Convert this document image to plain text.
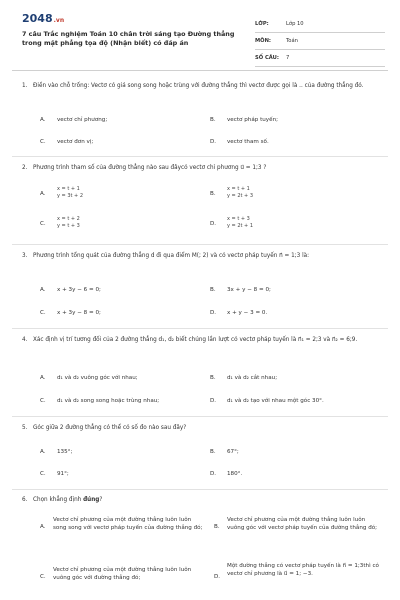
2048.vn
7 câu Trắc nghiệm Toán 10 chân trời sáng tạo Đường thẳng trong mặt phẳng tọa độ (Nhận biết) có đáp án
LỚP:	Lớp 10
MÔN:	Toán
SỐ CÂU:	7
1. Điền vào chỗ trống: Vectơ có giá song song hoặc trùng với đường thẳng thì vectơ được gọi là .. của đường thẳng đó.
A.	vectơ chỉ phương;	B.	vectơ pháp tuyến;
C.	vectơ đơn vị;	D.	vectơ tham số.
2. Phương trình tham số của đường thẳng nào sau đâycó vectơ chỉ phương u⃗ = 1;3 ?
A.
x = t + 1
y = 3t + 2	B.
x = t + 1
y = 2t + 3
C.
x = t + 2
y = t + 3	D.
x = t + 3
y = 2t + 1
3. Phương trình tổng quát của đường thẳng d đi qua điểm M(; 2) và có vectơ pháp tuyến n⃗ = 1;3 là:
A.	x + 3y − 6 = 0;	B.	3x + y − 8 = 0;
C.	x + 3y − 8 = 0;	D.	x + y − 3 = 0.
4. Xác định vị trí tương đối của 2 đường thẳng d₁, d₂ biết chúng lần lượt có vectơ pháp tuyến là n⃗₁ = 2;3 và n⃗₂ = 6;9.
A.	d₁ và d₂ vuông góc với nhau;	B.	d₁ và d₂ cắt nhau;
C.	d₁ và d₂ song song hoặc trùng nhau;	D.	d₁ và d₂ tạo với nhau một góc 30°.
5. Góc giữa 2 đường thẳng có thể có số đo nào sau đây?
A.	135°;	B.	67°;
C.	91°;	D.	180°.
6. Chọn khẳng định đúng?
A.
Vectơ chỉ phương của một đường thẳng luôn luôn song song với vectơ pháp tuyến của đường thẳng đó;	B.
Vectơ chỉ phương của một đường thẳng luôn luôn vuông góc với vectơ pháp tuyến của đường thẳng đó;
C.
Vectơ chỉ phương của một đường thẳng luôn luôn vuông góc với đường thẳng đó;	D.
Một đường thẳng có vectơ pháp tuyến là n⃗ = 1;3thì có vectơ chỉ phương là u⃗ = 1; −3.
